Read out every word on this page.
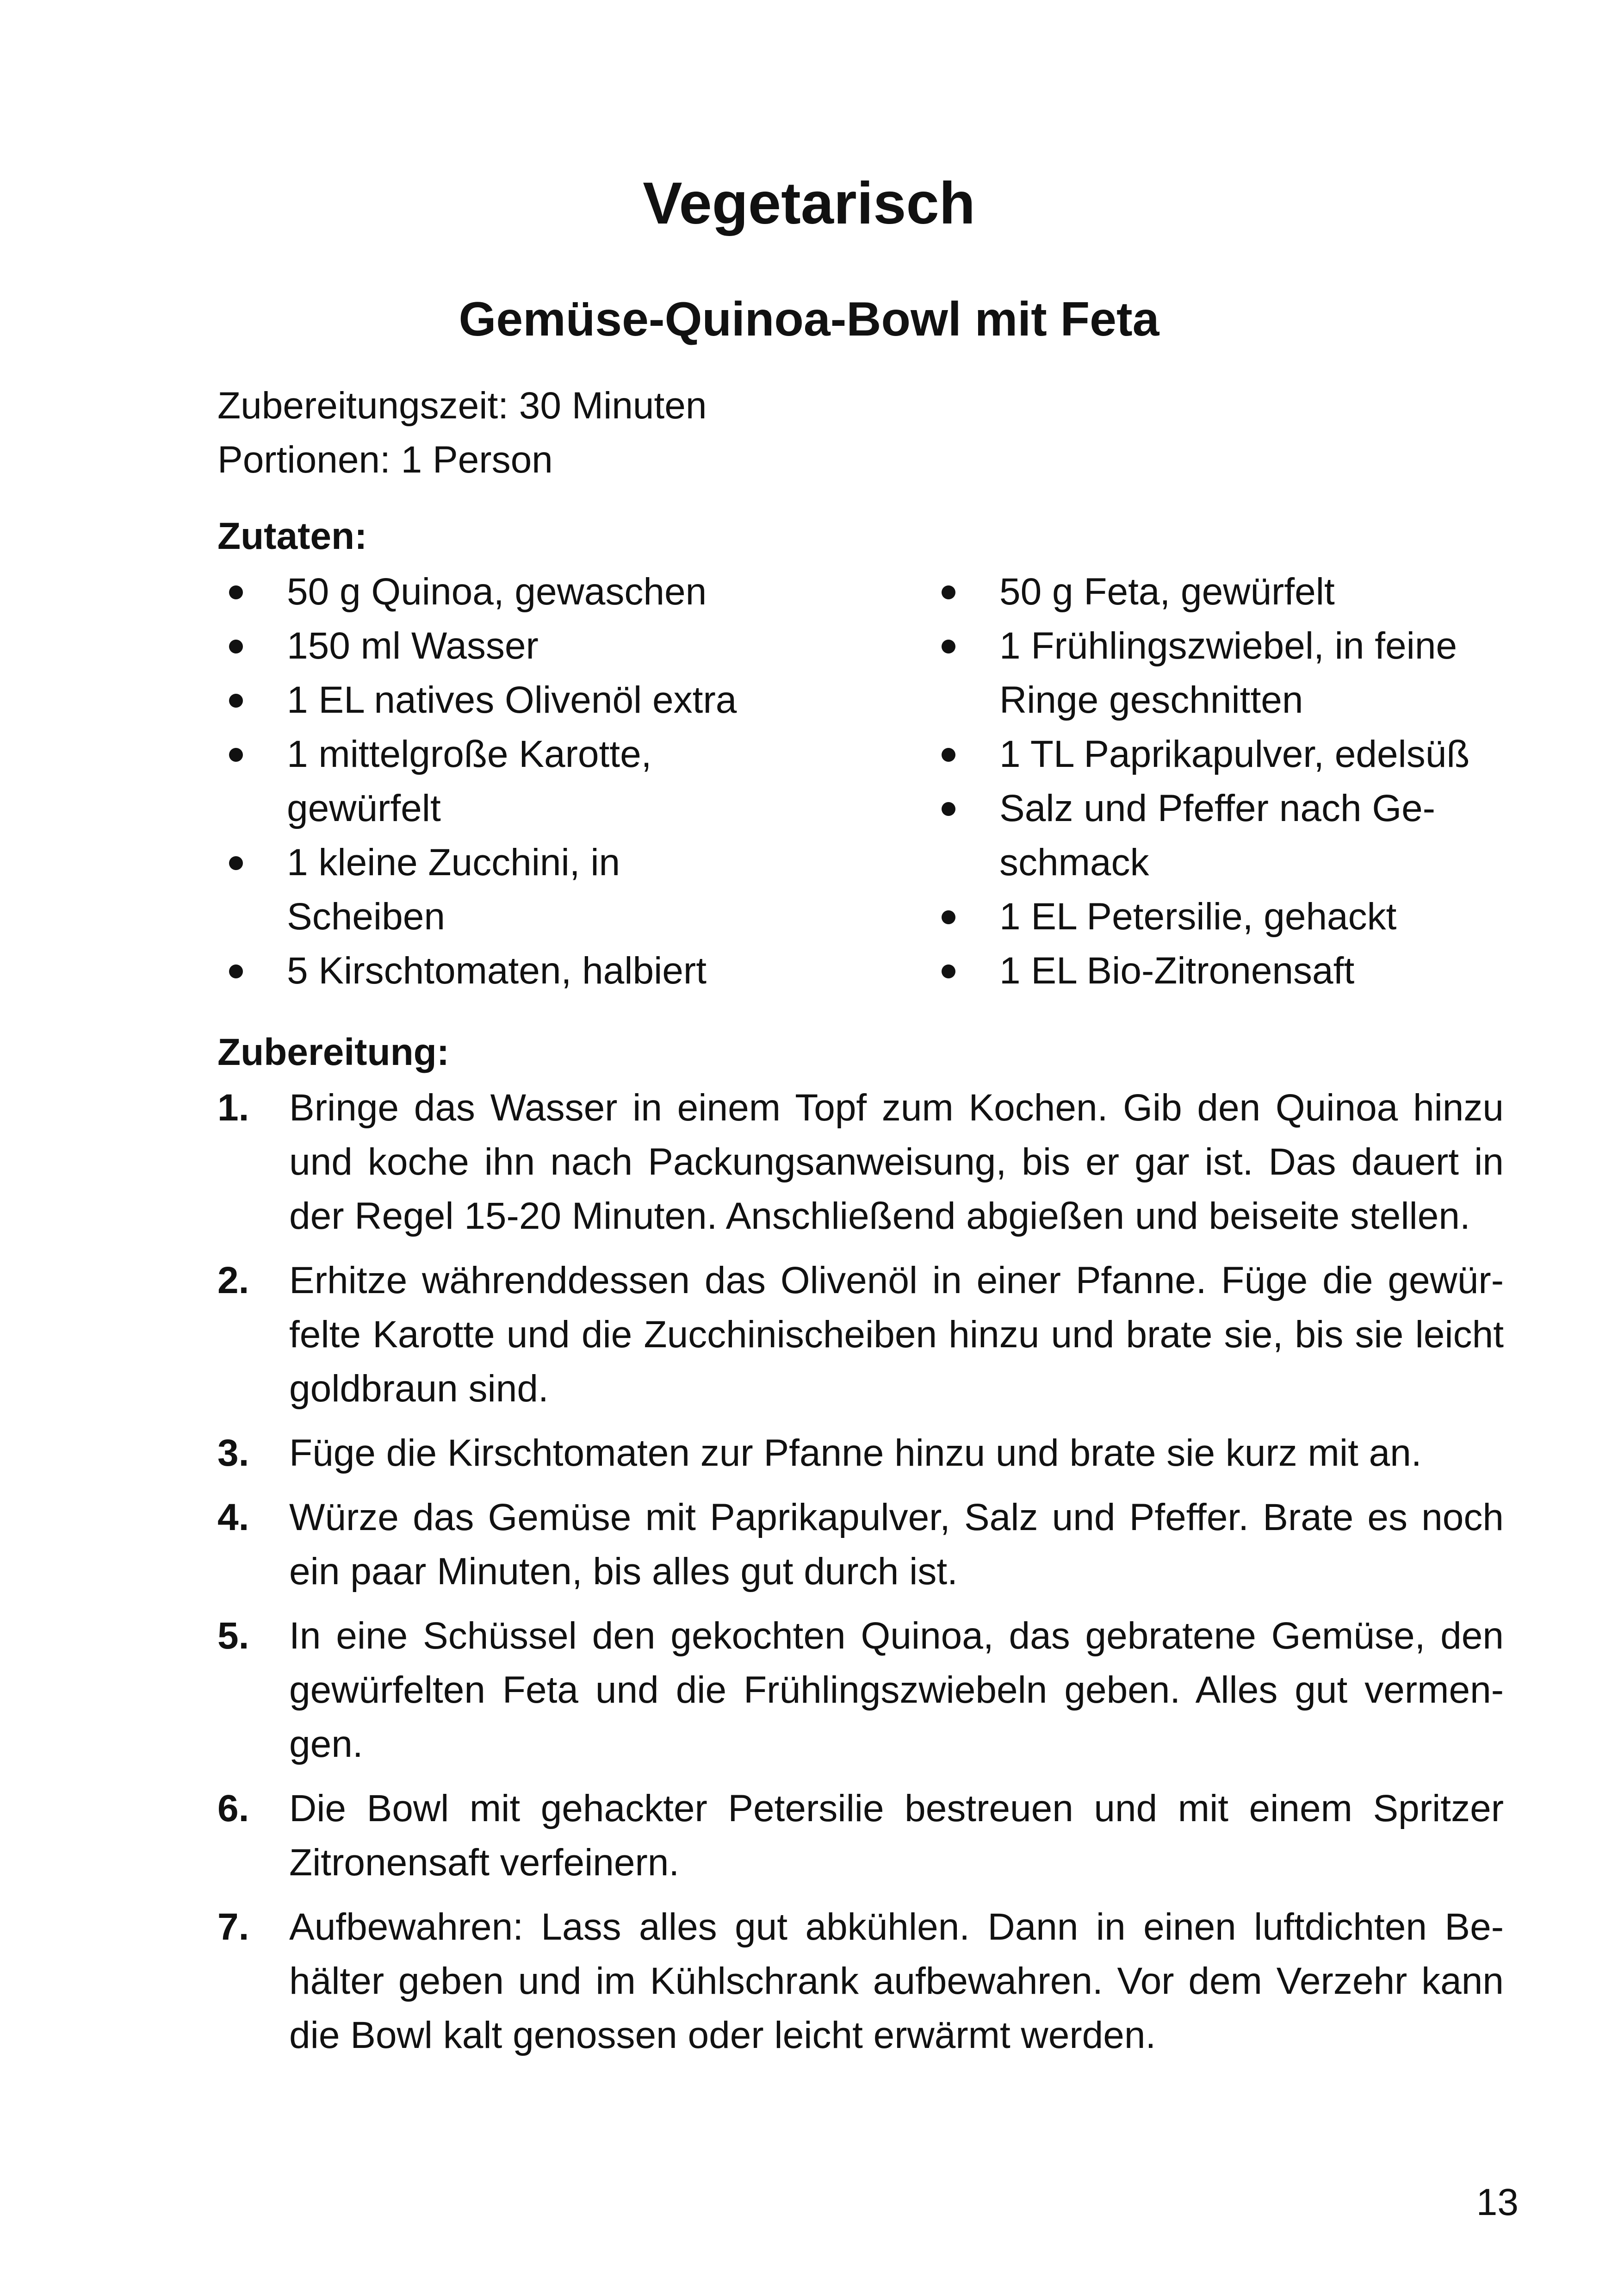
Vegetarisch
Gemüse-Quinoa-Bowl mit Feta
Zubereitungszeit: 30 Minuten
Portionen: 1 Person
Zutaten:
50 g Quinoa, gewaschen
150 ml Wasser
1 EL natives Olivenöl extra
1 mittelgroße Karotte, gewürfelt
1 kleine Zucchini, in Scheiben
5 Kirschtomaten, halbiert
50 g Feta, gewürfelt
1 Frühlingszwiebel, in feine Ringe geschnitten
1 TL Paprikapulver, edelsüß
Salz und Pfeffer nach Geschmack
1 EL Petersilie, gehackt
1 EL Bio-Zitronensaft
Zubereitung:
1. Bringe das Wasser in einem Topf zum Kochen. Gib den Quinoa hinzu und koche ihn nach Packungsanweisung, bis er gar ist. Das dauert in der Regel 15-20 Minuten. Anschließend abgießen und beiseite stellen.
2. Erhitze währenddessen das Olivenöl in einer Pfanne. Füge die gewürfelte Karotte und die Zucchinischeiben hinzu und brate sie, bis sie leicht goldbraun sind.
3. Füge die Kirschtomaten zur Pfanne hinzu und brate sie kurz mit an.
4. Würze das Gemüse mit Paprikapulver, Salz und Pfeffer. Brate es noch ein paar Minuten, bis alles gut durch ist.
5. In eine Schüssel den gekochten Quinoa, das gebratene Gemüse, den gewürfelten Feta und die Frühlingszwiebeln geben. Alles gut vermengen.
6. Die Bowl mit gehackter Petersilie bestreuen und mit einem Spritzer Zitronensaft verfeinern.
7. Aufbewahren: Lass alles gut abkühlen. Dann in einen luftdichten Behälter geben und im Kühlschrank aufbewahren. Vor dem Verzehr kann die Bowl kalt genossen oder leicht erwärmt werden.
13
